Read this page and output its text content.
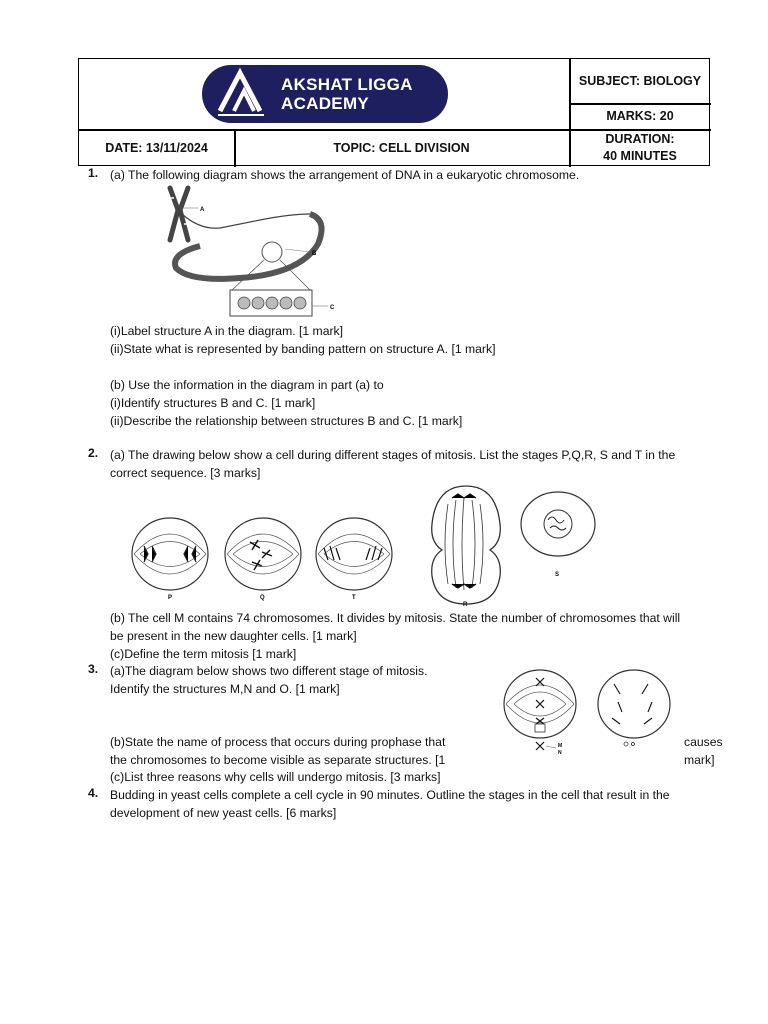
AKSHAT LIGGA
ACADEMY
SUBJECT: BIOLOGY
MARKS: 20
DATE: 13/11/2024	TOPIC: CELL DIVISION
DURATION:
40 MINUTES
1. (a) The following diagram shows the arrangement of DNA in a eukaryotic chromosome.
A
B
C
(i)Label structure A in the diagram. [1 mark]
(ii)State what is represented by banding pattern on structure A. [1 mark]
(b) Use the information in the diagram in part (a) to
(i)Identify structures B and C. [1 mark]
(ii)Describe the relationship between structures B and C. [1 mark]
2. (a) The drawing below show a cell during different stages of mitosis. List the stages P,Q,R, S and T in the
correct sequence. [3 marks]
P	Q	T
R
S
(b) The cell M contains 74 chromosomes. It divides by mitosis. State the number of chromosomes that will
be present in the new daughter cells. [1 mark]
(c)Define the term mitosis [1 mark]
3. (a)The diagram below shows two different stage of mitosis.
Identify the structures M,N and O. [1 mark]
M
N
O
(b)State the name of process that occurs during prophase that	causes
the chromosomes to become visible as separate structures. [1	mark]
(c)List three reasons why cells will undergo mitosis. [3 marks]
4. Budding in yeast cells complete a cell cycle in 90 minutes. Outline the stages in the cell that result in the
development of new yeast cells. [6 marks]
